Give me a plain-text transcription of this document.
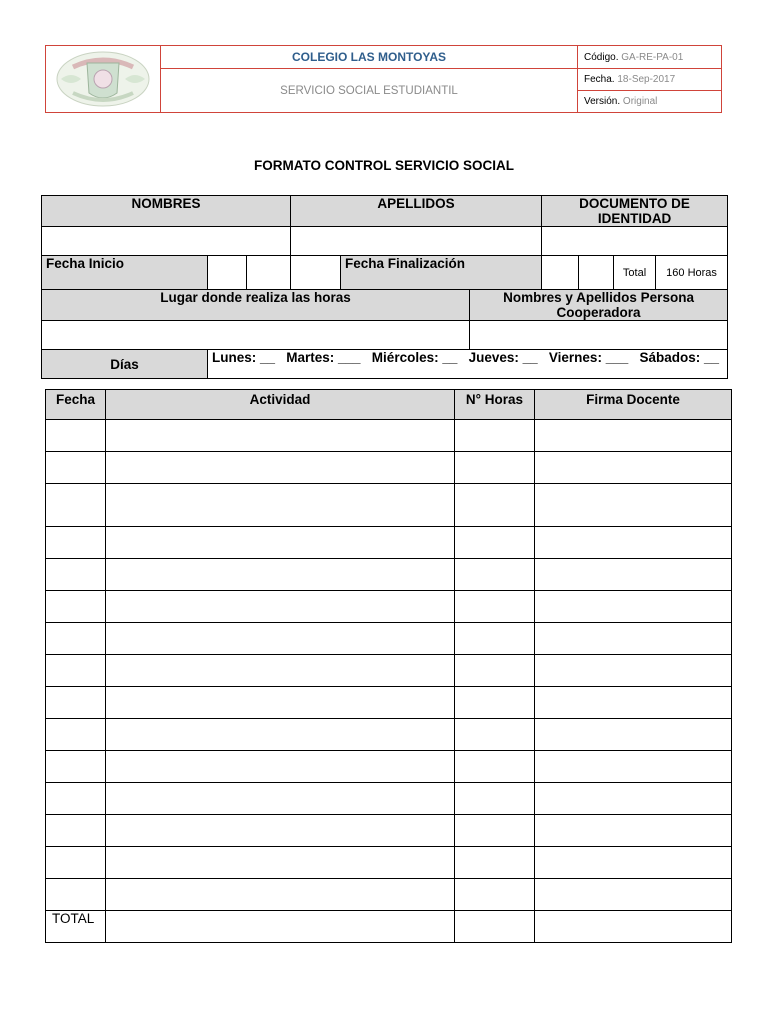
	COLEGIO LAS MONTOYAS	Código. GA-RE-PA-01
	SERVICIO SOCIAL ESTUDIANTIL	Fecha. 18-Sep-2017
		Versión. Original
FORMATO CONTROL SERVICIO SOCIAL
NOMBRES			APELLIDOS			DOCUMENTO DE IDENTIDAD			

Fecha Inicio				Fecha Finalización				Total	160 Horas
Lugar donde realiza las horas					Nombres y Apellidos Persona Cooperadora				

Días	Lunes: __   Martes: ___   Miércoles: __   Jueves: __   Viernes: ___   Sábados: __								
Fecha	Actividad	N° Horas	Firma Docente

TOTAL			
